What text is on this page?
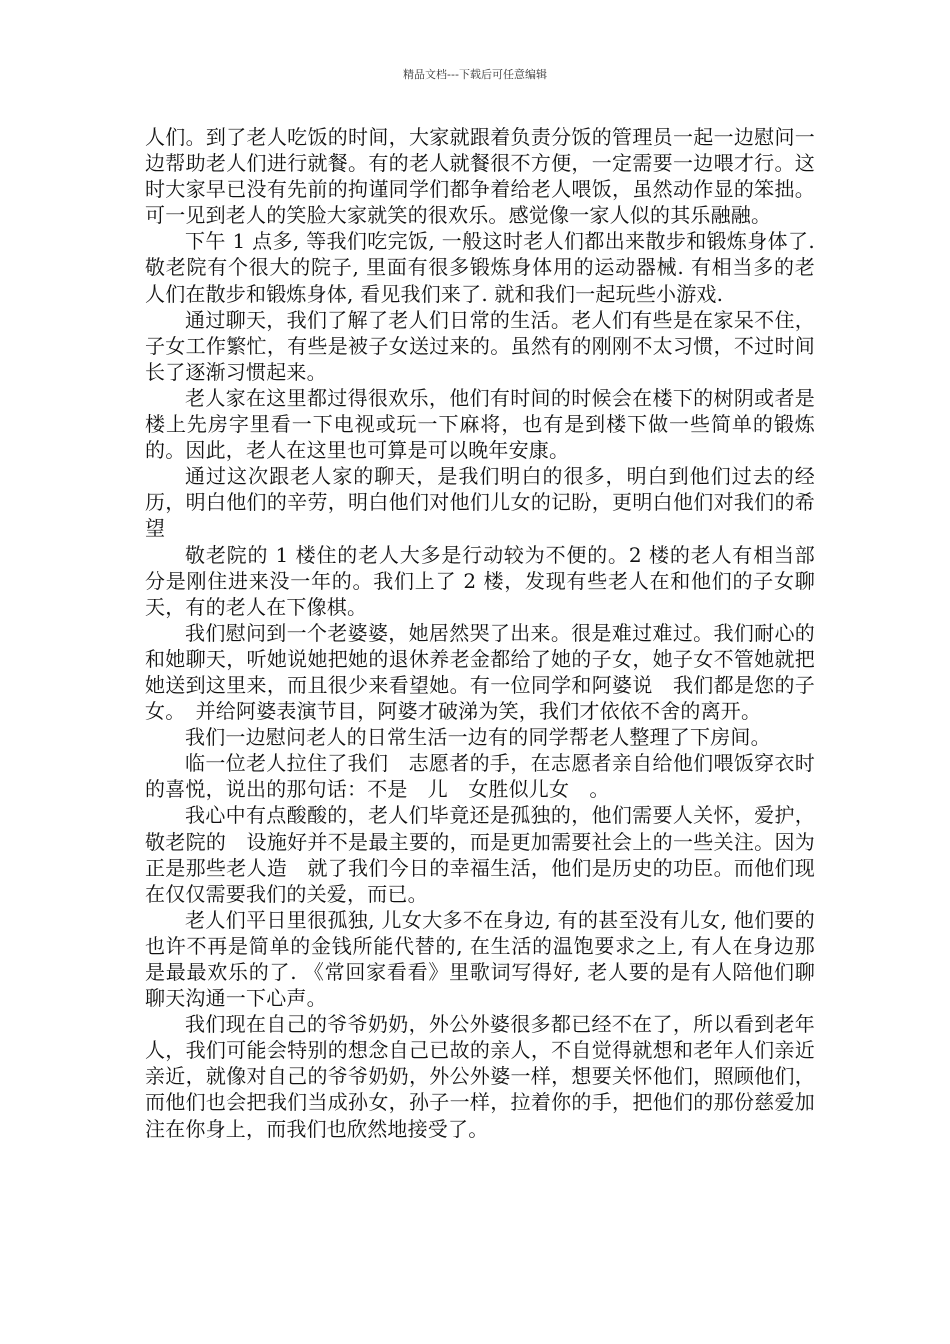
精品文档---下载后可任意编辑

人们。到了老人吃饭的时间，大家就跟着负责分饭的管理员一起一边慰问一边帮助老人们进行就餐。有的老人就餐很不方便，一定需要一边喂才行。这时大家早已没有先前的拘谨同学们都争着给老人喂饭，虽然动作显的笨拙。可一见到老人的笑脸大家就笑的很欢乐。感觉像一家人似的其乐融融。

下午 1 点多, 等我们吃完饭, 一般这时老人们都出来散步和锻炼身体了. 敬老院有个很大的院子, 里面有很多锻炼身体用的运动器械. 有相当多的老人们在散步和锻炼身体, 看见我们来了. 就和我们一起玩些小游戏.

通过聊天，我们了解了老人们日常的生活。老人们有些是在家呆不住，子女工作繁忙，有些是被子女送过来的。虽然有的刚刚不太习惯，不过时间长了逐渐习惯起来。

老人家在这里都过得很欢乐，他们有时间的时候会在楼下的树阴或者是楼上先房字里看一下电视或玩一下麻将，也有是到楼下做一些简单的锻炼的。因此，老人在这里也可算是可以晚年安康。

通过这次跟老人家的聊天，是我们明白的很多，明白到他们过去的经历，明白他们的辛劳，明白他们对他们儿女的记盼，更明白他们对我们的希望

敬老院的 1 楼住的老人大多是行动较为不便的。2 楼的老人有相当部分是刚住进来没一年的。我们上了 2 楼，发现有些老人在和他们的子女聊天，有的老人在下像棋。

我们慰问到一个老婆婆，她居然哭了出来。很是难过难过。我们耐心的和她聊天，听她说她把她的退休养老金都给了她的子女，她子女不管她就把她送到这里来，而且很少来看望她。有一位同学和阿婆说　我们都是您的子女。　并给阿婆表演节目，阿婆才破涕为笑，我们才依依不舍的离开。

我们一边慰问老人的日常生活一边有的同学帮老人整理了下房间。

临一位老人拉住了我们　志愿者的手，在志愿者亲自给他们喂饭穿衣时的喜悦，说出的那句话：不是　儿　女胜似儿女　。

我心中有点酸酸的，老人们毕竟还是孤独的，他们需要人关怀，爱护，敬老院的　设施好并不是最主要的，而是更加需要社会上的一些关注。因为正是那些老人造　就了我们今日的幸福生活，他们是历史的功臣。而他们现在仅仅需要我们的关爱，而已。

老人们平日里很孤独, 儿女大多不在身边, 有的甚至没有儿女, 他们要的也许不再是简单的金钱所能代替的, 在生活的温饱要求之上, 有人在身边那是最最欢乐的了. 《常回家看看》里歌词写得好, 老人要的是有人陪他们聊聊天沟通一下心声。

我们现在自己的爷爷奶奶，外公外婆很多都已经不在了，所以看到老年人，我们可能会特别的想念自己已故的亲人，不自觉得就想和老年人们亲近亲近，就像对自己的爷爷奶奶，外公外婆一样，想要关怀他们，照顾他们，而他们也会把我们当成孙女，孙子一样，拉着你的手，把他们的那份慈爱加注在你身上，而我们也欣然地接受了。
